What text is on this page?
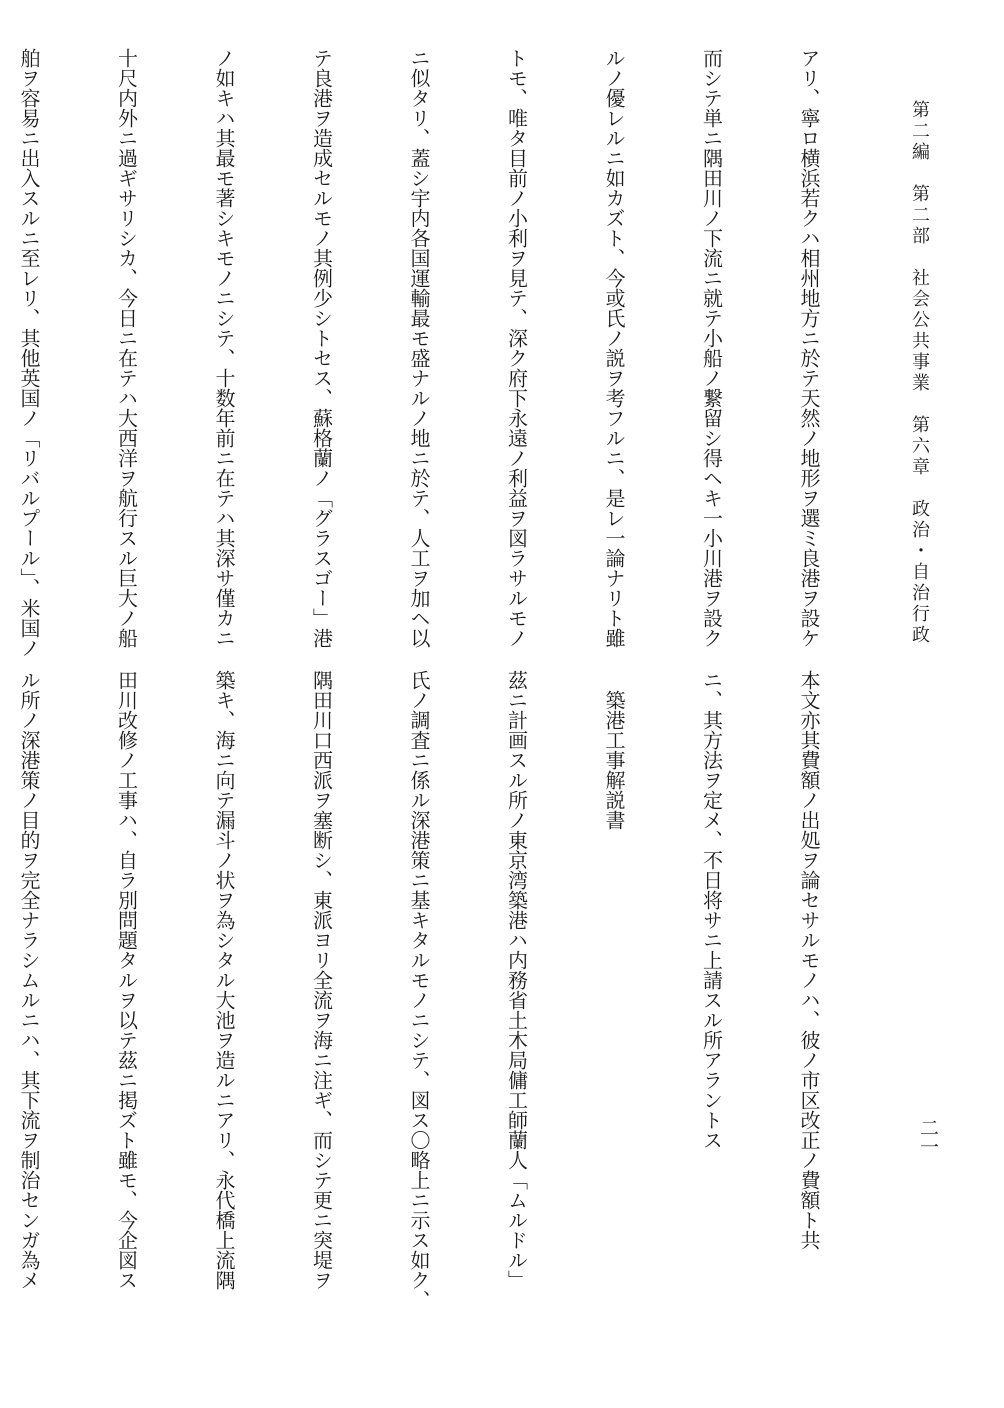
第二編　第二部　社会公共事業　第六章　政治・自治行政
二一

アリ、寧ロ横浜若クハ相州地方ニ於テ天然ノ地形ヲ選ミ良港ヲ設ケ

而シテ単ニ隅田川ノ下流ニ就テ小船ノ繋留シ得ヘキ一小川港ヲ設ク

ルノ優レルニ如カズト、今或氏ノ説ヲ考フルニ、是レ一論ナリト雖

トモ、唯タ目前ノ小利ヲ見テ、深ク府下永遠ノ利益ヲ図ラサルモノ

ニ似タリ、蓋シ宇内各国運輸最モ盛ナルノ地ニ於テ、人工ヲ加ヘ以

テ良港ヲ造成セルモノ其例少シトセス、蘇格蘭ノ「グラスゴー」港

ノ如キハ其最モ著シキモノニシテ、十数年前ニ在テハ其深サ僅カニ

十尺内外ニ過ギサリシカ、今日ニ在テハ大西洋ヲ航行スル巨大ノ船

舶ヲ容易ニ出入スルニ至レリ、其他英国ノ「リバルプール」、米国ノ

本文亦其費額ノ出処ヲ論セサルモノハ、彼ノ市区改正ノ費額ト共

ニ、其方法ヲ定メ、不日将サニ上請スル所アラントス

築港工事解説書

茲ニ計画スル所ノ東京湾築港ハ内務省土木局傭工師蘭人「ムルドル」

氏ノ調査ニ係ル深港策ニ基キタルモノニシテ、図ス〇略上ニ示ス如ク、

隅田川口西派ヲ塞断シ、東派ヨリ全流ヲ海ニ注ギ、而シテ更ニ突堤ヲ

築キ、海ニ向テ漏斗ノ状ヲ為シタル大池ヲ造ルニアリ、永代橋上流隅

田川改修ノ工事ハ、自ラ別問題タルヲ以テ茲ニ掲ズト雖モ、今企図ス

ル所ノ深港策ノ目的ヲ完全ナラシムルニハ、其下流ヲ制治センガ為メ
